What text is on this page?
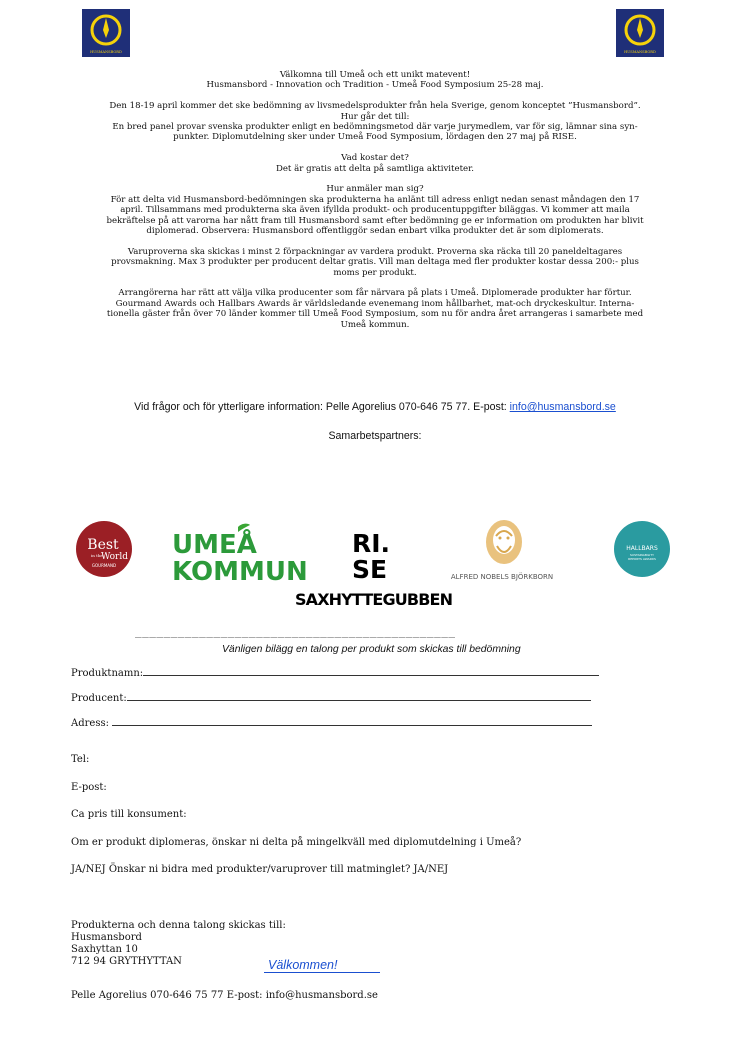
HUSMANSBORD	HUSMANSBORD

Välkomna till Umeå och ett unikt matevent!
Husmansbord - Innovation och Tradition - Umeå Food Symposium 25-28 maj.

Den 18-19 april kommer det ske bedömning av livsmedelsprodukter från hela Sverige, genom konceptet ”Husmansbord”.
Hur går det till:
En bred panel provar svenska produkter enligt en bedömningsmetod där varje jurymedlem, var för sig, lämnar sina syn-
punkter. Diplomutdelning sker under Umeå Food Symposium, lördagen den 27 maj på RISE.

Vad kostar det?
Det är gratis att delta på samtliga aktiviteter.

Hur anmäler man sig?
För att delta vid Husmansbord-bedömningen ska produkterna ha anlänt till adress enligt nedan senast måndagen den 17
april. Tillsammans med produkterna ska även ifyllda produkt- och producentuppgifter biläggas. Vi kommer att maila
bekräftelse på att varorna har nått fram till Husmansbord samt efter bedömning ge er information om produkten har blivit
diplomerad. Observera: Husmansbord offentliggör sedan enbart vilka produkter det är som diplomerats.

Varuproverna ska skickas i minst 2 förpackningar av vardera produkt. Proverna ska räcka till 20 paneldeltagares
provsmakning. Max 3 produkter per producent deltar gratis. Vill man deltaga med fler produkter kostar dessa 200:- plus
moms per produkt.

Arrangörerna har rätt att välja vilka producenter som får närvara på plats i Umeå. Diplomerade produkter har förtur.
Gourmand Awards och Hallbars Awards är världsledande evenemang inom hållbarhet, mat-och dryckeskultur. Interna-
tionella gäster från över 70 länder kommer till Umeå Food Symposium, som nu för andra året arrangeras i samarbete med
Umeå kommun.

Vid frågor och för ytterligare information: Pelle Agorelius 070-646 75 77. E-post: info@husmansbord.se
Samarbetspartners:
Best
in the
World
GOURMAND
UMEÅ
KOMMUN
RI.
SE	ALFRED NOBELS BJÖRKBORN
HALLBARS
SUSTAINABILITY
REPORTS AWARDS
SAXHYTTEGUBBEN
_____________________________________________
Vänligen bilägg en talong per produkt som skickas till bedömning
Produktnamn:
Producent:
Adress:
Tel:
E-post:
Ca pris till konsument:
Om er produkt diplomeras, önskar ni delta på mingelkväll med diplomutdelning i Umeå?
JA/NEJ Önskar ni bidra med produkter/varuprover till matminglet? JA/NEJ
Produkterna och denna talong skickas till:
Husmansbord
Saxhyttan 10
712 94 GRYTHYTTAN	Välkommen!
Pelle Agorelius 070-646 75 77 E-post: info@husmansbord.se
